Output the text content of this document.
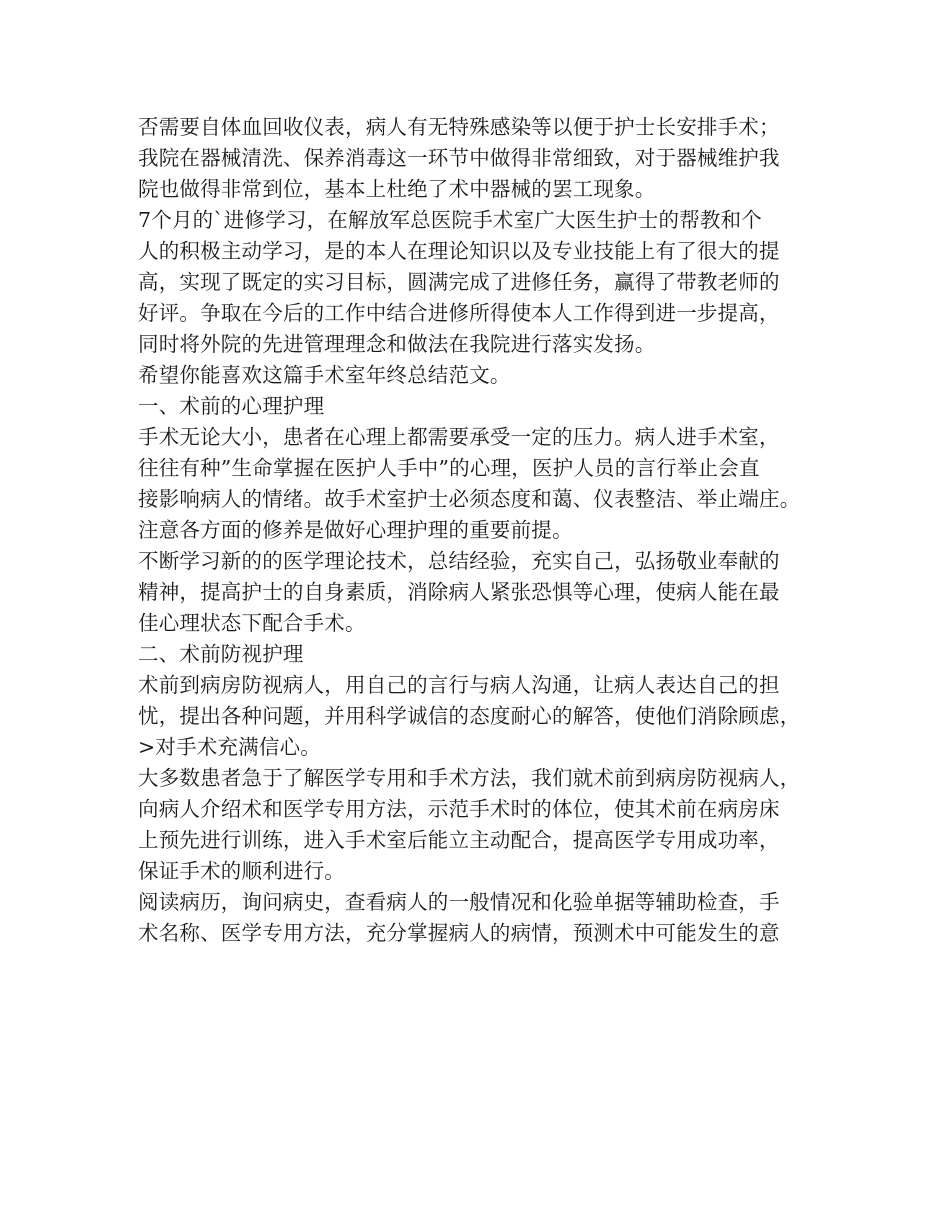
否需要自体血回收仪表，病人有无特殊感染等以便于护士长安排手术；
我院在器械清洗、保养消毒这一环节中做得非常细致，对于器械维护我
院也做得非常到位，基本上杜绝了术中器械的罢工现象。
7个月的`进修学习，在解放军总医院手术室广大医生护士的帮教和个
人的积极主动学习，是的本人在理论知识以及专业技能上有了很大的提
高，实现了既定的实习目标，圆满完成了进修任务，赢得了带教老师的
好评。争取在今后的工作中结合进修所得使本人工作得到进一步提高，
同时将外院的先进管理理念和做法在我院进行落实发扬。
希望你能喜欢这篇手术室年终总结范文。
一、术前的心理护理
手术无论大小，患者在心理上都需要承受一定的压力。病人进手术室，
往往有种”生命掌握在医护人手中”的心理，医护人员的言行举止会直
接影响病人的情绪。故手术室护士必须态度和蔼、仪表整洁、举止端庄。
注意各方面的修养是做好心理护理的重要前提。
不断学习新的的医学理论技术，总结经验，充实自己，弘扬敬业奉献的
精神，提高护士的自身素质，消除病人紧张恐惧等心理，使病人能在最
佳心理状态下配合手术。
二、术前防视护理
术前到病房防视病人，用自己的言行与病人沟通，让病人表达自己的担
忧，提出各种问题，并用科学诚信的态度耐心的解答，使他们消除顾虑，
>对手术充满信心。
大多数患者急于了解医学专用和手术方法，我们就术前到病房防视病人，
向病人介绍术和医学专用方法，示范手术时的体位，使其术前在病房床
上预先进行训练，进入手术室后能立主动配合，提高医学专用成功率，
保证手术的顺利进行。
阅读病历，询问病史，查看病人的一般情况和化验单据等辅助检查，手
术名称、医学专用方法，充分掌握病人的病情，预测术中可能发生的意
